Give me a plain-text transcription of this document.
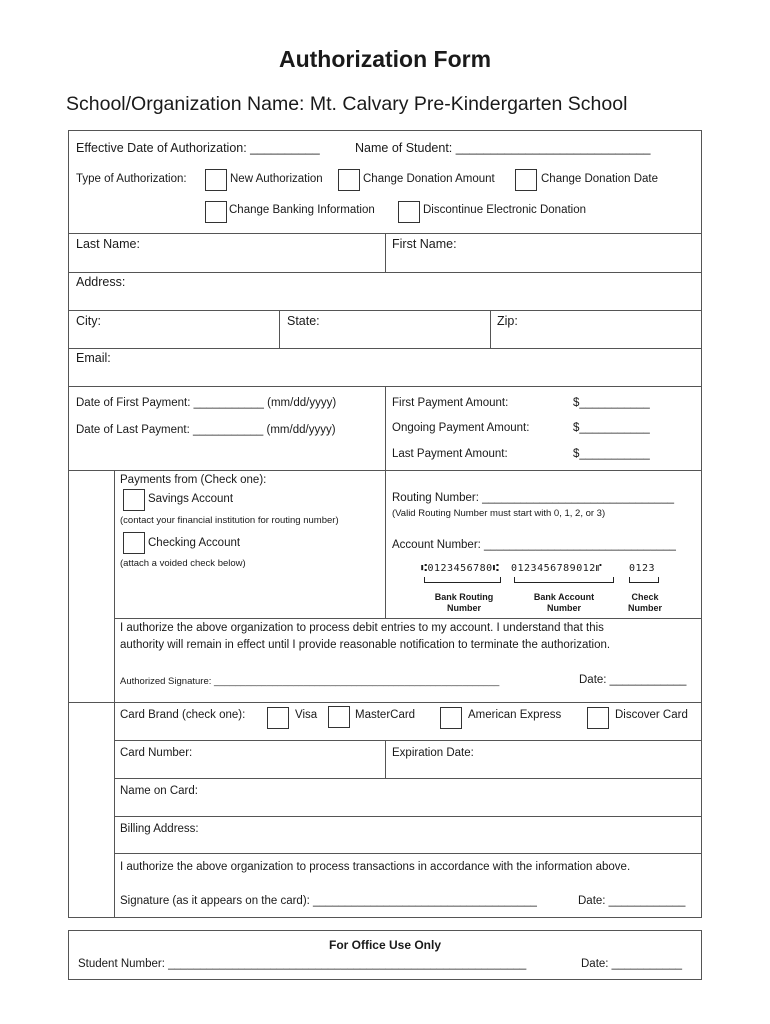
Authorization Form
School/Organization Name: Mt. Calvary Pre-Kindergarten School
Effective Date of Authorization: __________	Name of Student: ____________________________
Type of Authorization:	New Authorization	Change Donation Amount	Change Donation Date
Change Banking Information	Discontinue Electronic Donation
Last Name:	First Name:
Address:
City:	State:	Zip:
Email:
Date of First Payment: ___________ (mm/dd/yyyy)
Date of Last Payment: ___________ (mm/dd/yyyy)
First Payment Amount:	$___________
Ongoing Payment Amount:	$___________
Last Payment Amount:	$___________
Payments from (Check one):
Savings Account
(contact your financial institution for routing number)
Checking Account
(attach a voided check below)
Routing Number: ______________________________
(Valid Routing Number must start with 0, 1, 2, or 3)
Account Number: ______________________________
⑆0123456780⑆ 0123456789012⑈	0123
Bank Routing
Number
Bank Account
Number
Check
Number
I authorize the above organization to process debit entries to my account. I understand that this
authority will remain in effect until I provide reasonable notification to terminate the authorization.
Authorized Signature: ______________________________________________________	Date: ____________
Card Brand (check one):	Visa	MasterCard	American Express	Discover Card
Card Number:	Expiration Date:
Name on Card:
Billing Address:
I authorize the above organization to process transactions in accordance with the information above.
Signature (as it appears on the card): ___________________________________	Date: ____________
For Office Use Only
Student Number: ________________________________________________________	Date: ___________
